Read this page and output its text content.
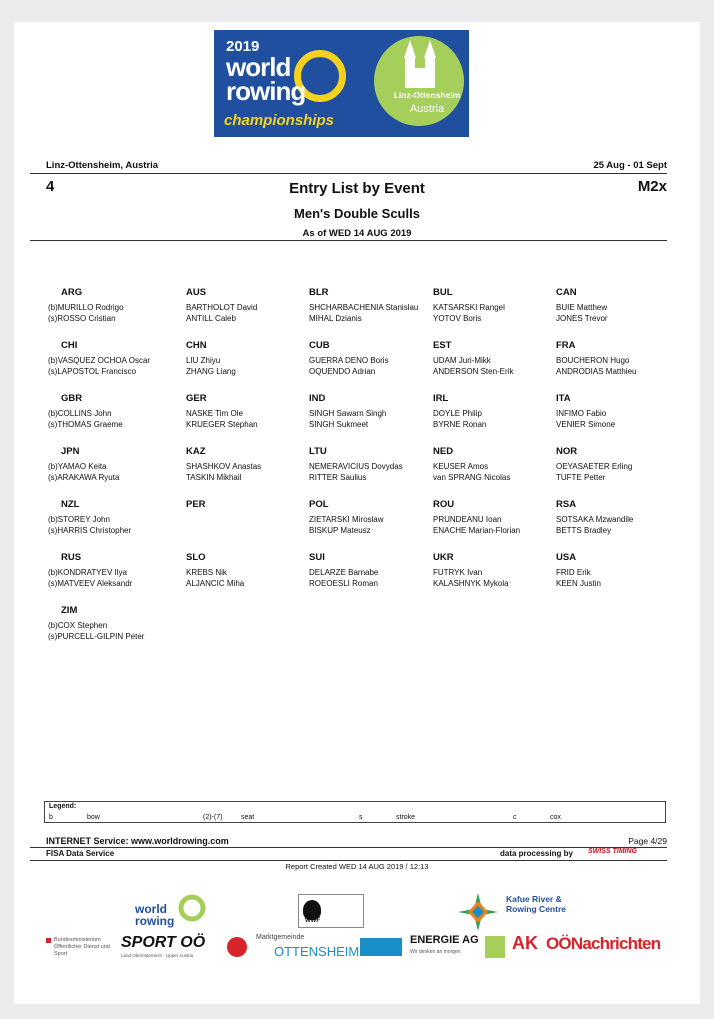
2019
world
rowing
championships
Linz-Ottensheim
Austria
Linz-Ottensheim, Austria	25 Aug - 01 Sept
4	Entry List by Event	M2x
Men's Double Sculls
As of WED 14 AUG 2019
ARG
(b)MURILLO Rodrigo
(s)ROSSO Cristian
AUS
BARTHOLOT David
ANTILL Caleb
BLR
SHCHARBACHENIA Stanislau
MIHAL Dzianis
BUL
KATSARSKI Rangel
YOTOV Boris
CAN
BUIE Matthew
JONES Trevor
CHI
(b)VASQUEZ OCHOA Oscar
(s)LAPOSTOL Francisco
CHN
LIU Zhiyu
ZHANG Liang
CUB
GUERRA DENO Boris
OQUENDO Adrian
EST
UDAM Juri-Mikk
ANDERSON Sten-Erik
FRA
BOUCHERON Hugo
ANDRODIAS Matthieu
GBR
(b)COLLINS John
(s)THOMAS Graeme
GER
NASKE Tim Ole
KRUEGER Stephan
IND
SINGH Sawarn Singh
SINGH Sukmeet
IRL
DOYLE Philip
BYRNE Ronan
ITA
INFIMO Fabio
VENIER Simone
JPN
(b)YAMAO Keita
(s)ARAKAWA Ryuta
KAZ
SHASHKOV Anastas
TASKIN Mikhail
LTU
NEMERAVICIUS Dovydas
RITTER Saulius
NED
KEUSER Amos
van SPRANG Nicolas
NOR
OEYASAETER Erling
TUFTE Petter
NZL
(b)STOREY John
(s)HARRIS Christopher
PER	POL
ZIETARSKI Miroslaw
BISKUP Mateusz
ROU
PRUNDEANU Ioan
ENACHE Marian-Florian
RSA
SOTSAKA Mzwandile
BETTS Bradley
RUS
(b)KONDRATYEV Ilya
(s)MATVEEV Aleksandr
SLO
KREBS Nik
ALJANCIC Miha
SUI
DELARZE Barnabe
ROEOESLI Roman
UKR
FUTRYK Ivan
KALASHNYK Mykola
USA
FRID Erik
KEEN Justin
ZIM
(b)COX Stephen
(s)PURCELL-GILPIN Peter
Legend:
b	bow	(2)-(7)	seat	s	stroke	c	cox
INTERNET Service: www.worldrowing.com	Page 4/29
FISA Data Service	data processing by SWISS TIMING
Report Created WED 14 AUG 2019 / 12:13
world rowing	WWF
Kafue River & Rowing Centre
Bundesministerium Öffentlicher Dienst und Sport
SPORT OÖ
Land Oberösterreich · Upper Austria
Marktgemeinde
OTTENSHEIM
ENERGIE AG
Wir denken an morgen	AK OÖNachrichten
